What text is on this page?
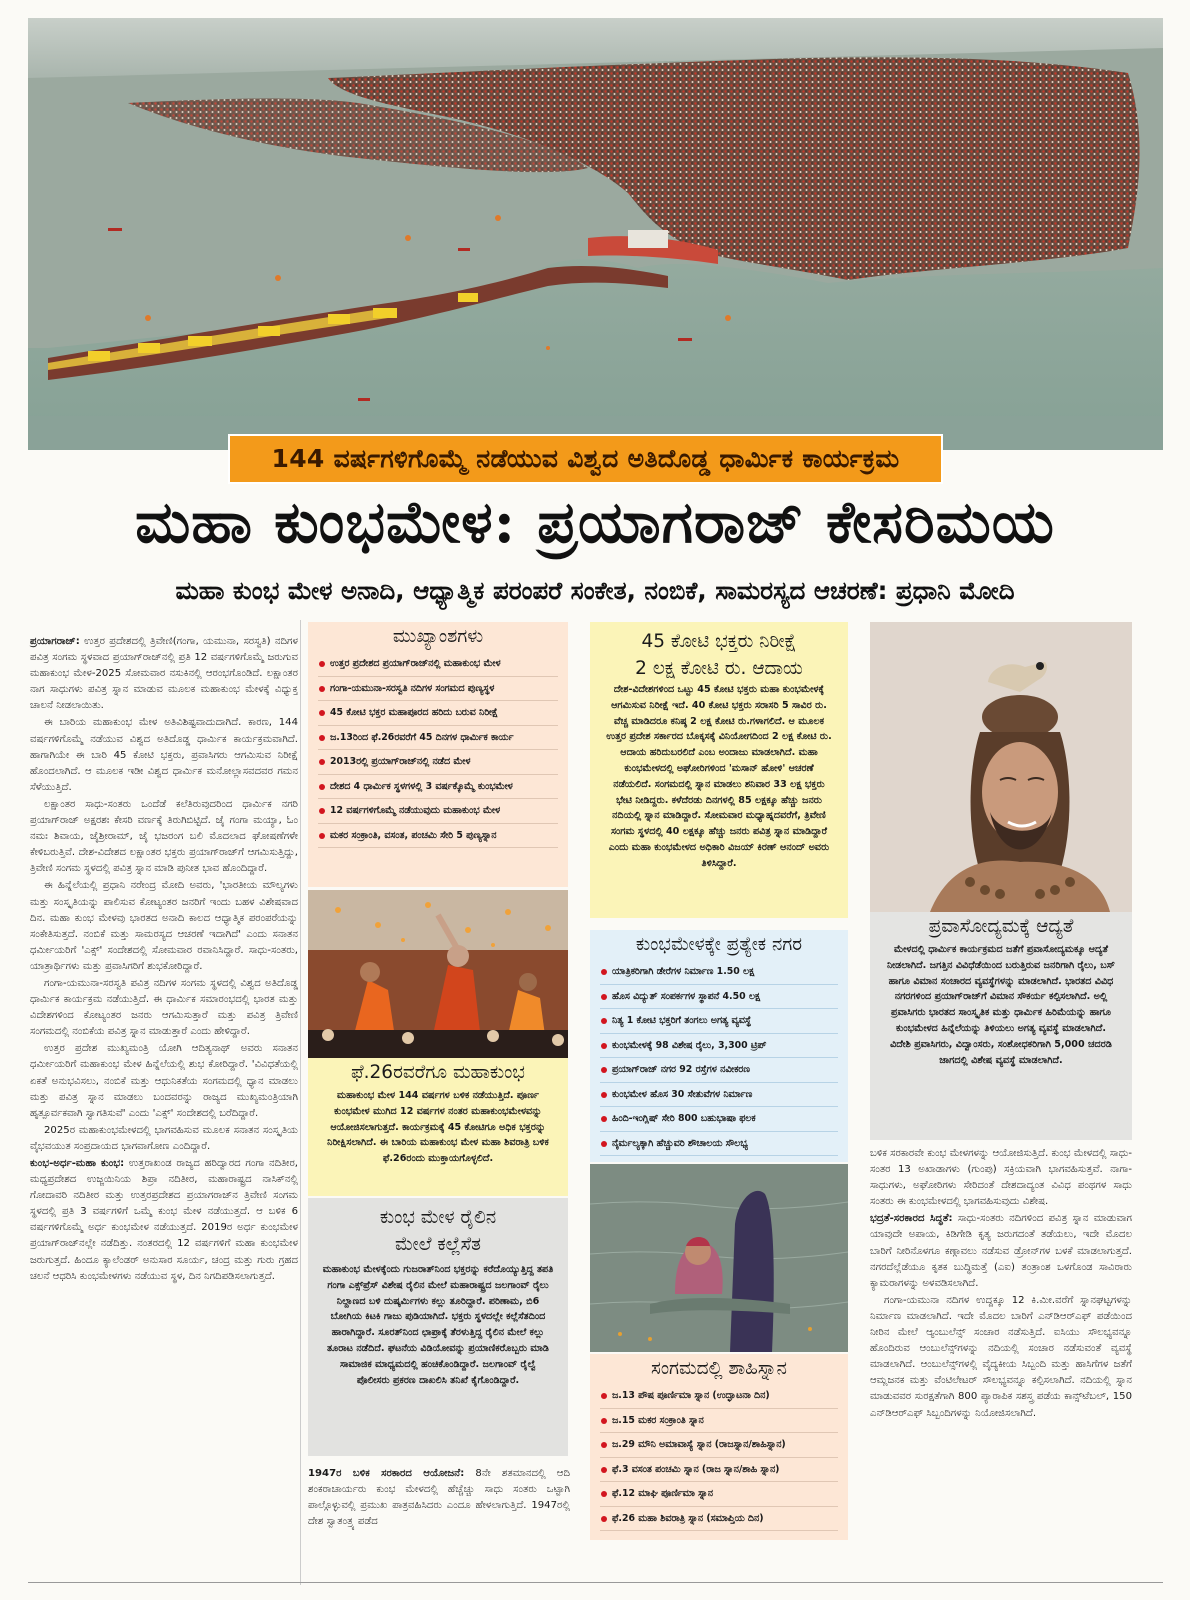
144 ವರ್ಷಗಳಿಗೊಮ್ಮೆ ನಡೆಯುವ ವಿಶ್ವದ ಅತಿದೊಡ್ಡ ಧಾರ್ಮಿಕ ಕಾರ್ಯಕ್ರಮ
ಮಹಾ ಕುಂಭಮೇಳ: ಪ್ರಯಾಗರಾಜ್ ಕೇಸರಿಮಯ
ಮಹಾ ಕುಂಭ ಮೇಳ ಅನಾದಿ, ಆಧ್ಯಾತ್ಮಿಕ ಪರಂಪರೆ ಸಂಕೇತ, ನಂಬಿಕೆ, ಸಾಮರಸ್ಯದ ಆಚರಣೆ: ಪ್ರಧಾನಿ ಮೋದಿ

ಪ್ರಯಾಗರಾಜ್: ಉತ್ತರ ಪ್ರದೇಶದಲ್ಲಿ ತ್ರಿವೇಣಿ(ಗಂಗಾ, ಯಮುನಾ, ಸರಸ್ವತಿ) ನದಿಗಳ ಪವಿತ್ರ ಸಂಗಮ ಸ್ಥಳವಾದ ಪ್ರಯಾಗ್‌ರಾಜ್‌ನಲ್ಲಿ ಪ್ರತಿ 12 ವರ್ಷಗಳಿಗೊಮ್ಮೆ ಜರುಗುವ ಮಹಾಕುಂಭ ಮೇಳ-2025 ಸೋಮವಾರ ನಸುಕಿನಲ್ಲಿ ಆರಂಭಗೊಂಡಿದೆ. ಲಕ್ಷಾಂತರ ನಾಗ ಸಾಧುಗಳು ಪವಿತ್ರ ಸ್ನಾನ ಮಾಡುವ ಮೂಲಕ ಮಹಾಕುಂಭ ಮೇಳಕ್ಕೆ ವಿಧ್ಯುಕ್ತ ಚಾಲನೆ ನೀಡಲಾಯಿತು.

ಈ ಬಾರಿಯ ಮಹಾಕುಂಭ ಮೇಳ ಅತಿವಿಶಿಷ್ಟವಾದುದಾಗಿದೆ. ಕಾರಣ, 144 ವರ್ಷಗಳಿಗೊಮ್ಮೆ ನಡೆಯುವ ವಿಶ್ವದ ಅತಿದೊಡ್ಡ ಧಾರ್ಮಿಕ ಕಾರ್ಯಕ್ರಮವಾಗಿದೆ. ಹಾಗಾಗಿಯೇ ಈ ಬಾರಿ 45 ಕೋಟಿ ಭಕ್ತರು, ಪ್ರವಾಸಿಗರು ಆಗಮಿಸುವ ನಿರೀಕ್ಷೆ ಹೊಂದಲಾಗಿದೆ. ಆ ಮೂಲಕ ಇಡೀ ವಿಶ್ವದ ಧಾರ್ಮಿಕ ಮನೋಲ್ಲಾಸವದವರ ಗಮನ ಸೆಳೆಯುತ್ತಿದೆ.

ಲಕ್ಷಾಂತರ ಸಾಧು-ಸಂತರು ಒಂದೆಡೆ ಕಲೆತಿರುವುದರಿಂದ ಧಾರ್ಮಿಕ ನಗರಿ ಪ್ರಯಾಗ್‌ರಾಜ್ ಅಕ್ಷರಶಃ ಕೇಸರಿ ವರ್ಣಕ್ಕೆ ತಿರುಗಿಬಿಟ್ಟಿದೆ. ಜೈ ಗಂಗಾ ಮಯ್ಯಾ, ಓಂ ನಮಃ ಶಿವಾಯ, ಜೈಶ್ರೀರಾಮ್, ಜೈ ಭಜರಂಗ ಬಲಿ ಮೊದಲಾದ ಘೋಷಣೆಗಳೇ ಕೇಳಿಬರುತ್ತಿವೆ. ದೇಶ-ವಿದೇಶದ ಲಕ್ಷಾಂತರ ಭಕ್ತರು ಪ್ರಯಾಗ್‌ರಾಜ್‌ಗೆ ಆಗಮಿಸುತ್ತಿದ್ದು, ತ್ರಿವೇಣಿ ಸಂಗಮ ಸ್ಥಳದಲ್ಲಿ ಪವಿತ್ರ ಸ್ನಾನ ಮಾಡಿ ಪುನೀತ ಭಾವ ಹೊಂದಿದ್ದಾರೆ.

ಈ ಹಿನ್ನೆಲೆಯಲ್ಲಿ ಪ್ರಧಾನಿ ನರೇಂದ್ರ ಮೋದಿ ಅವರು, 'ಭಾರತೀಯ ಮೌಲ್ಯಗಳು ಮತ್ತು ಸಂಸ್ಕೃತಿಯನ್ನು ಪಾಲಿಸುವ ಕೋಟ್ಯಂತರ ಜನರಿಗೆ ಇಂದು ಬಹಳ ವಿಶೇಷವಾದ ದಿನ. ಮಹಾ ಕುಂಭ ಮೇಳವು ಭಾರತದ ಅನಾದಿ ಕಾಲದ ಆಧ್ಯಾತ್ಮಿಕ ಪರಂಪರೆಯನ್ನು ಸಂಕೇತಿಸುತ್ತದೆ. ನಂಬಿಕೆ ಮತ್ತು ಸಾಮರಸ್ಯದ ಆಚರಣೆ ಇದಾಗಿದೆ' ಎಂದು ಸನಾತನ ಧರ್ಮೀಯರಿಗೆ 'ಎಕ್ಸ್' ಸಂದೇಶದಲ್ಲಿ ಸೋಮವಾರ ರವಾನಿಸಿದ್ದಾರೆ. ಸಾಧು-ಸಂತರು, ಯಾತ್ರಾರ್ಥಿಗಳು ಮತ್ತು ಪ್ರವಾಸಿಗರಿಗೆ ಶುಭಕೋರಿದ್ದಾರೆ.

ಗಂಗಾ-ಯಮುನಾ-ಸರಸ್ವತಿ ಪವಿತ್ರ ನದಿಗಳ ಸಂಗಮ ಸ್ಥಳದಲ್ಲಿ ವಿಶ್ವದ ಅತಿದೊಡ್ಡ ಧಾರ್ಮಿಕ ಕಾರ್ಯಕ್ರಮ ನಡೆಯುತ್ತಿದೆ. ಈ ಧಾರ್ಮಿಕ ಸಮಾರಂಭದಲ್ಲಿ ಭಾರತ ಮತ್ತು ವಿದೇಶಗಳಿಂದ ಕೋಟ್ಯಂತರ ಜನರು ಆಗಮಿಸುತ್ತಾರೆ ಮತ್ತು ಪವಿತ್ರ ತ್ರಿವೇಣಿ ಸಂಗಮದಲ್ಲಿ ನಂಬಿಕೆಯ ಪವಿತ್ರ ಸ್ನಾನ ಮಾಡುತ್ತಾರೆ ಎಂದು ಹೇಳಿದ್ದಾರೆ.

ಉತ್ತರ ಪ್ರದೇಶ ಮುಖ್ಯಮಂತ್ರಿ ಯೋಗಿ ಆದಿತ್ಯನಾಥ್ ಅವರು ಸನಾತನ ಧರ್ಮೀಯರಿಗೆ ಮಹಾಕುಂಭ ಮೇಳ ಹಿನ್ನೆಲೆಯಲ್ಲಿ ಶುಭ ಕೋರಿದ್ದಾರೆ. 'ವಿವಿಧತೆಯಲ್ಲಿ ಏಕತೆ ಅನುಭವಿಸಲು, ನಂಬಿಕೆ ಮತ್ತು ಆಧುನಿಕತೆಯ ಸಂಗಮದಲ್ಲಿ ಧ್ಯಾನ ಮಾಡಲು ಮತ್ತು ಪವಿತ್ರ ಸ್ನಾನ ಮಾಡಲು ಬಂದವರನ್ನು ರಾಜ್ಯದ ಮುಖ್ಯಮಂತ್ರಿಯಾಗಿ ಹೃತ್ಪೂರ್ವಕವಾಗಿ ಸ್ವಾಗತಿಸುವೆ' ಎಂದು 'ಎಕ್ಸ್' ಸಂದೇಶದಲ್ಲಿ ಬರೆದಿದ್ದಾರೆ.

2025ರ ಮಹಾಕುಂಭಮೇಳದಲ್ಲಿ ಭಾಗವಹಿಸುವ ಮೂಲಕ ಸನಾತನ ಸಂಸ್ಕೃತಿಯ ವೈಭವಯುತ ಸಂಪ್ರದಾಯದ ಭಾಗವಾಗೋಣ ಎಂದಿದ್ದಾರೆ.

ಕುಂಭ-ಅರ್ಧ-ಮಹಾ ಕುಂಭ: ಉತ್ತರಾಖಂಡ ರಾಜ್ಯದ ಹರಿದ್ವಾರದ ಗಂಗಾ ನದಿತೀರ, ಮಧ್ಯಪ್ರದೇಶದ ಉಜ್ಜಯಿನಿಯ ಶಿಪ್ರಾ ನದಿತೀರ, ಮಹಾರಾಷ್ಟ್ರದ ನಾಸಿಕ್‌ನಲ್ಲಿ ಗೋದಾವರಿ ನದಿತೀರ ಮತ್ತು ಉತ್ತರಪ್ರದೇಶದ ಪ್ರಯಾಗರಾಜ್‌ನ ತ್ರಿವೇಣಿ ಸಂಗಮ ಸ್ಥಳದಲ್ಲಿ ಪ್ರತಿ 3 ವರ್ಷಗಳಿಗೆ ಒಮ್ಮೆ ಕುಂಭ ಮೇಳ ನಡೆಯುತ್ತದೆ. ಆ ಬಳಿಕ 6 ವರ್ಷಗಳಿಗೊಮ್ಮೆ ಅರ್ಧ ಕುಂಭಮೇಳ ನಡೆಯುತ್ತದೆ. 2019ರ ಅರ್ಧ ಕುಂಭಮೇಳ ಪ್ರಯಾಗ್‌ರಾಜ್‌ನಲ್ಲೇ ನಡೆದಿತ್ತು. ನಂತರದಲ್ಲಿ 12 ವರ್ಷಗಳಿಗೆ ಮಹಾ ಕುಂಭಮೇಳ ಜರುಗುತ್ತದೆ. ಹಿಂದೂ ಕ್ಯಾಲೆಂಡರ್ ಅನುಸಾರ ಸೂರ್ಯ, ಚಂದ್ರ ಮತ್ತು ಗುರು ಗ್ರಹದ ಚಲನೆ ಆಧರಿಸಿ ಕುಂಭಮೇಳಗಳು ನಡೆಯುವ ಸ್ಥಳ, ದಿನ ನಿಗದಿಪಡಿಸಲಾಗುತ್ತದೆ.

ಮುಖ್ಯಾಂಶಗಳು
ಉತ್ತರ ಪ್ರದೇಶದ ಪ್ರಯಾಗ್‌ರಾಜ್‌ನಲ್ಲಿ ಮಹಾಕುಂಭ ಮೇಳ
ಗಂಗಾ-ಯಮುನಾ-ಸರಸ್ವತಿ ನದಿಗಳ ಸಂಗಮದ ಪುಣ್ಯಸ್ಥಳ
45 ಕೋಟಿ ಭಕ್ತರ ಮಹಾಪೂರದ ಹರಿದು ಬರುವ ನಿರೀಕ್ಷೆ
ಜ.13ರಿಂದ ಫೆ.26ರವರೆಗೆ 45 ದಿನಗಳ ಧಾರ್ಮಿಕ ಕಾರ್ಯ
2013ರಲ್ಲಿ ಪ್ರಯಾಗ್‌ರಾಜ್‌ನಲ್ಲಿ ನಡೆದ ಮೇಳ
ದೇಶದ 4 ಧಾರ್ಮಿಕ ಸ್ಥಳಗಳಲ್ಲಿ 3 ವರ್ಷಕ್ಕೊಮ್ಮೆ ಕುಂಭಮೇಳ
12 ವರ್ಷಗಳಿಗೊಮ್ಮೆ ನಡೆಯುವುದು ಮಹಾಕುಂಭ ಮೇಳ
ಮಕರ ಸಂಕ್ರಾಂತಿ, ವಸಂತ, ಪಂಚಮಿ ಸೇರಿ 5 ಪುಣ್ಯಸ್ನಾನ
ಫೆ.26ರವರೆಗೂ ಮಹಾಕುಂಭ

ಮಹಾಕುಂಭ ಮೇಳ 144 ವರ್ಷಗಳ ಬಳಿಕ ನಡೆಯುತ್ತಿದೆ. ಪೂರ್ಣ ಕುಂಭಮೇಳ ಮುಗಿದ 12 ವರ್ಷಗಳ ನಂತರ ಮಹಾಕುಂಭಮೇಳವನ್ನು ಆಯೋಜಿಸಲಾಗುತ್ತದೆ. ಕಾರ್ಯಕ್ರಮಕ್ಕೆ 45 ಕೋಟಿಗೂ ಅಧಿಕ ಭಕ್ತರನ್ನು ನಿರೀಕ್ಷಿಸಲಾಗಿದೆ. ಈ ಬಾರಿಯ ಮಹಾಕುಂಭ ಮೇಳ ಮಹಾ ಶಿವರಾತ್ರಿ ಬಳಿಕ ಫೆ.26ರಂದು ಮುಕ್ತಾಯಗೊಳ್ಳಲಿದೆ.

ಕುಂಭ ಮೇಳ ರೈಲಿನ
ಮೇಲೆ ಕಲ್ಲೆಸೆತ

ಮಹಾಕುಂಭ ಮೇಳಕ್ಕೆಂದು ಗುಜರಾತ್‌ನಿಂದ ಭಕ್ತರನ್ನು ಕರೆದೊಯ್ಯುತ್ತಿದ್ದ ತಪತಿ ಗಂಗಾ ಎಕ್ಸ್‌ಪ್ರೆಸ್ ವಿಶೇಷ ರೈಲಿನ ಮೇಲೆ ಮಹಾರಾಷ್ಟ್ರದ ಜಲಗಾಂವ್ ರೈಲು ನಿಲ್ದಾಣದ ಬಳಿ ದುಷ್ಕರ್ಮಿಗಳು ಕಲ್ಲು ತೂರಿದ್ದಾರೆ. ಪರಿಣಾಮ, ಬಿ6 ಬೋಗಿಯ ಕಿಟಕಿ ಗಾಜು ಪುಡಿಯಾಗಿದೆ. ಭಕ್ತರು ಸ್ಥಳದಲ್ಲೇ ಕಲ್ಲೆಸೆತದಿಂದ ಹಾರಾಗಿದ್ದಾರೆ. ಸೂರತ್‌ನಿಂದ ಛಾಪ್ರಾಕ್ಕೆ ತೆರಳುತ್ತಿದ್ದ ರೈಲಿನ ಮೇಲೆ ಕಲ್ಲು ತೂರಾಟ ನಡೆದಿದೆ. ಘಟನೆಯ ವಿಡಿಯೋವನ್ನು ಪ್ರಯಾಣಿಕರೊಬ್ಬರು ಮಾಡಿ ಸಾಮಾಜಿಕ ಮಾಧ್ಯಮದಲ್ಲಿ ಹಂಚಿಕೊಂಡಿದ್ದಾರೆ. ಜಲಗಾಂವ್ ರೈಲ್ವೆ ಪೊಲೀಸರು ಪ್ರಕರಣ ದಾಖಲಿಸಿ ತನಿಖೆ ಕೈಗೊಂಡಿದ್ದಾರೆ.

1947ರ ಬಳಿಕ ಸರಕಾರದ ಆಯೋಜನೆ: 8ನೇ ಶತಮಾನದಲ್ಲಿ ಆದಿ ಶಂಕರಾಚಾರ್ಯರು ಕುಂಭ ಮೇಳದಲ್ಲಿ ಹೆಚ್ಚೆಚ್ಚು ಸಾಧು ಸಂತರು ಒಟ್ಟಾಗಿ ಪಾಲ್ಗೊಳ್ಳುವಲ್ಲಿ ಪ್ರಮುಖ ಪಾತ್ರವಹಿಸಿದರು ಎಂದೂ ಹೇಳಲಾಗುತ್ತಿದೆ. 1947ರಲ್ಲಿ ದೇಶ ಸ್ವಾತಂತ್ರ್ಯ ಪಡೆದ

45 ಕೋಟಿ ಭಕ್ತರು ನಿರೀಕ್ಷೆ
2 ಲಕ್ಷ ಕೋಟಿ ರು. ಆದಾಯ

ದೇಶ-ವಿದೇಶಗಳಿಂದ ಒಟ್ಟು 45 ಕೋಟಿ ಭಕ್ತರು ಮಹಾ ಕುಂಭಮೇಳಕ್ಕೆ ಆಗಮಿಸುವ ನಿರೀಕ್ಷೆ ಇದೆ. 40 ಕೋಟಿ ಭಕ್ತರು ಸರಾಸರಿ 5 ಸಾವಿರ ರು. ವೆಚ್ಚ ಮಾಡಿದರೂ ಕನಿಷ್ಠ 2 ಲಕ್ಷ ಕೋಟಿ ರು.ಗಳಾಗಲಿದೆ. ಆ ಮೂಲಕ ಉತ್ತರ ಪ್ರದೇಶ ಸರ್ಕಾರದ ಬೊಕ್ಕಸಕ್ಕೆ ವಿನಿಯೋಗದಿಂದ 2 ಲಕ್ಷ ಕೋಟಿ ರು. ಆದಾಯ ಹರಿದುಬರಲಿದೆ ಎಂಬ ಅಂದಾಜು ಮಾಡಲಾಗಿದೆ. ಮಹಾ ಕುಂಭಮೇಳದಲ್ಲಿ ಅಘೋರಿಗಳಿಂದ 'ಮಸಾನ್ ಹೋಳಿ' ಆಚರಣೆ ನಡೆಯಲಿದೆ. ಸಂಗಮದಲ್ಲಿ ಸ್ನಾನ ಮಾಡಲು ಶನಿವಾರ 33 ಲಕ್ಷ ಭಕ್ತರು ಭೇಟಿ ನೀಡಿದ್ದರು. ಕಳೆದೆರಡು ದಿನಗಳಲ್ಲಿ 85 ಲಕ್ಷಕ್ಕೂ ಹೆಚ್ಚು ಜನರು ನದಿಯಲ್ಲಿ ಸ್ನಾನ ಮಾಡಿದ್ದಾರೆ. ಸೋಮವಾರ ಮಧ್ಯಾಹ್ನದವರೆಗೆ, ತ್ರಿವೇಣಿ ಸಂಗಮ ಸ್ಥಳದಲ್ಲಿ 40 ಲಕ್ಷಕ್ಕೂ ಹೆಚ್ಚು ಜನರು ಪವಿತ್ರ ಸ್ನಾನ ಮಾಡಿದ್ದಾರೆ ಎಂದು ಮಹಾ ಕುಂಭಮೇಳದ ಅಧಿಕಾರಿ ವಿಜಯ್ ಕಿರಣ್ ಆನಂದ್ ಅವರು ತಿಳಿಸಿದ್ದಾರೆ.

ಕುಂಭಮೇಳಕ್ಕೇ ಪ್ರತ್ಯೇಕ ನಗರ
ಯಾತ್ರಿಕರಿಗಾಗಿ ಡೇರೆಗಳ ನಿರ್ಮಾಣ 1.50 ಲಕ್ಷ
ಹೊಸ ವಿದ್ಯುತ್ ಸಂಪರ್ಕಗಳ ಸ್ಥಾಪನೆ 4.50 ಲಕ್ಷ
ನಿತ್ಯ 1 ಕೋಟಿ ಭಕ್ತರಿಗೆ ತಂಗಲು ಅಗತ್ಯ ವ್ಯವಸ್ಥೆ
ಕುಂಭಮೇಳಕ್ಕೆ 98 ವಿಶೇಷ ರೈಲು, 3,300 ಟ್ರಿಪ್
ಪ್ರಯಾಗ್‌ರಾಜ್ ನಗರ 92 ರಸ್ತೆಗಳ ನವೀಕರಣ
ಕುಂಭಮೇಳ ಹೊಸ 30 ಸೇತುವೆಗಳ ನಿರ್ಮಾಣ
ಹಿಂದಿ-ಇಂಗ್ಲಿಷ್ ಸೇರಿ 800 ಬಹುಭಾಷಾ ಫಲಕ
ನೈರ್ಮಲ್ಯಕ್ಕಾಗಿ ಹೆಚ್ಚುವರಿ ಶೌಚಾಲಯ ಸೌಲಭ್ಯ
ಸಂಗಮದಲ್ಲಿ ಶಾಹಿಸ್ನಾನ
ಜ.13 ಪೌಷ ಪೂರ್ಣಿಮಾ ಸ್ನಾನ (ಉದ್ಘಾಟನಾ ದಿನ)
ಜ.15 ಮಕರ ಸಂಕ್ರಾಂತಿ ಸ್ನಾನ
ಜ.29 ಮೌನಿ ಅಮಾವಾಸ್ಯೆ ಸ್ನಾನ (ರಾಜಸ್ನಾನ/ಶಾಹಿಸ್ನಾನ)
ಫೆ.3 ವಸಂತ ಪಂಚಮಿ ಸ್ನಾನ (ರಾಜ ಸ್ನಾನ/ಶಾಹಿ ಸ್ನಾನ)
ಫೆ.12 ಮಾಘಿ ಪೂರ್ಣಿಮಾ ಸ್ನಾನ
ಫೆ.26 ಮಹಾ ಶಿವರಾತ್ರಿ ಸ್ನಾನ (ಸಮಾಪ್ತಿಯ ದಿನ)
ಪ್ರವಾಸೋದ್ಯಮಕ್ಕೆ ಆದ್ಯತೆ

ಮೇಳದಲ್ಲಿ ಧಾರ್ಮಿಕ ಕಾರ್ಯಕ್ರಮದ ಜತೆಗೆ ಪ್ರವಾಸೋದ್ಯಮಕ್ಕೂ ಆದ್ಯತೆ ನೀಡಲಾಗಿದೆ. ಜಗತ್ತಿನ ವಿವಿಧೆಡೆಯಿಂದ ಬರುತ್ತಿರುವ ಜನರಿಗಾಗಿ ರೈಲು, ಬಸ್ ಹಾಗೂ ವಿಮಾನ ಸಂಚಾರದ ವ್ಯವಸ್ಥೆಗಳನ್ನು ಮಾಡಲಾಗಿದೆ. ಭಾರತದ ವಿವಿಧ ನಗರಗಳಿಂದ ಪ್ರಯಾಗ್‌ರಾಜ್‌ಗೆ ವಿಮಾನ ಸೌಕರ್ಯ ಕಲ್ಪಿಸಲಾಗಿದೆ. ಅಲ್ಲಿ ಪ್ರವಾಸಿಗರು ಭಾರತದ ಸಾಂಸ್ಕೃತಿಕ ಮತ್ತು ಧಾರ್ಮಿಕ ಹಿರಿಮೆಯನ್ನು ಹಾಗೂ ಕುಂಭಮೇಳದ ಹಿನ್ನೆಲೆಯನ್ನು ತಿಳಿಯಲು ಅಗತ್ಯ ವ್ಯವಸ್ಥೆ ಮಾಡಲಾಗಿದೆ. ವಿದೇಶಿ ಪ್ರವಾಸಿಗರು, ವಿದ್ವಾಂಸರು, ಸಂಶೋಧಕರಿಗಾಗಿ 5,000 ಚದರಡಿ ಜಾಗದಲ್ಲಿ ವಿಶೇಷ ವ್ಯವಸ್ಥೆ ಮಾಡಲಾಗಿದೆ.

ಬಳಿಕ ಸರಕಾರವೇ ಕುಂಭ ಮೇಳಗಳನ್ನು ಆಯೋಜಿಸುತ್ತಿದೆ. ಕುಂಭ ಮೇಳದಲ್ಲಿ ಸಾಧು-ಸಂತರ 13 ಅಖಾಡಾಗಳು (ಗುಂಪು) ಸಕ್ರಿಯವಾಗಿ ಭಾಗವಹಿಸುತ್ತವೆ. ನಾಗಾ-ಸಾಧುಗಳು, ಅಘೋರಿಗಳು ಸೇರಿದಂತೆ ದೇಶದಾದ್ಯಂತ ವಿವಿಧ ಪಂಥಗಳ ಸಾಧು ಸಂತರು ಈ ಕುಂಭಮೇಳದಲ್ಲಿ ಭಾಗವಹಿಸುವುದು ವಿಶೇಷ.

ಭದ್ರತೆ-ಸರಕಾರದ ಸಿದ್ಧತೆ: ಸಾಧು-ಸಂತರು ನದಿಗಳಿಂದ ಪವಿತ್ರ ಸ್ನಾನ ಮಾಡುವಾಗ ಯಾವುದೇ ಅಪಾಯ, ಕಿಡಿಗೇಡಿ ಕೃತ್ಯ ಜರುಗದಂತೆ ತಡೆಯಲು, ಇದೇ ಮೊದಲ ಬಾರಿಗೆ ನೀರಿನೊಳಗೂ ಕಣ್ಗಾವಲು ನಡೆಸುವ ಡ್ರೋನ್‌ಗಳ ಬಳಕೆ ಮಾಡಲಾಗುತ್ತದೆ. ನಗರದೆಲ್ಲೆಡೆಯೂ ಕೃತಕ ಬುದ್ಧಿಮತ್ತೆ (ಎಐ) ತಂತ್ರಾಂಶ ಒಳಗೊಂಡ ಸಾವಿರಾರು ಕ್ಯಾಮರಾಗಳನ್ನು ಅಳವಡಿಸಲಾಗಿದೆ.

ಗಂಗಾ-ಯಮುನಾ ನದಿಗಳ ಉದ್ದಕ್ಕೂ 12 ಕಿ.ಮೀ.ವರೆಗೆ ಸ್ನಾನಘಟ್ಟಗಳನ್ನು ನಿರ್ಮಾಣ ಮಾಡಲಾಗಿದೆ. ಇದೇ ಮೊದಲ ಬಾರಿಗೆ ಎನ್‌ಡಿಆರ್‌ಎಫ್ ಪಡೆಯಿಂದ ನೀರಿನ ಮೇಲೆ ಆ್ಯಂಬುಲೆನ್ಸ್ ಸಂಚಾರ ನಡೆಸುತ್ತಿದೆ. ಐಸಿಯು ಸೌಲಭ್ಯವನ್ನೂ ಹೊಂದಿರುವ ಆಂಬುಲೆನ್ಸ್‌ಗಳನ್ನು ನದಿಯಲ್ಲಿ ಸಂಚಾರ ನಡೆಸುವಂತೆ ವ್ಯವಸ್ಥೆ ಮಾಡಲಾಗಿದೆ. ಆಂಬುಲೆನ್ಸ್‌ಗಳಲ್ಲಿ ವೈದ್ಯಕೀಯ ಸಿಬ್ಬಂದಿ ಮತ್ತು ಹಾಸಿಗೆಗಳ ಜತೆಗೆ ಆಮ್ಲಜನಕ ಮತ್ತು ವೆಂಟಿಲೇಟರ್ ಸೌಲಭ್ಯವನ್ನೂ ಕಲ್ಪಿಸಲಾಗಿದೆ. ನದಿಯಲ್ಲಿ ಸ್ನಾನ ಮಾಡುವವರ ಸುರಕ್ಷತೆಗಾಗಿ 800 ಪ್ಯಾರಾಪಿಕ ಸಶಸ್ತ್ರ ಪಡೆಯ ಕಾನ್ಸ್‌ಟೆಬಲ್, 150 ಎನ್‌ಡಿಆರ್‌ಎಫ್ ಸಿಬ್ಬಂದಿಗಳನ್ನು ನಿಯೋಜಿಸಲಾಗಿದೆ.
